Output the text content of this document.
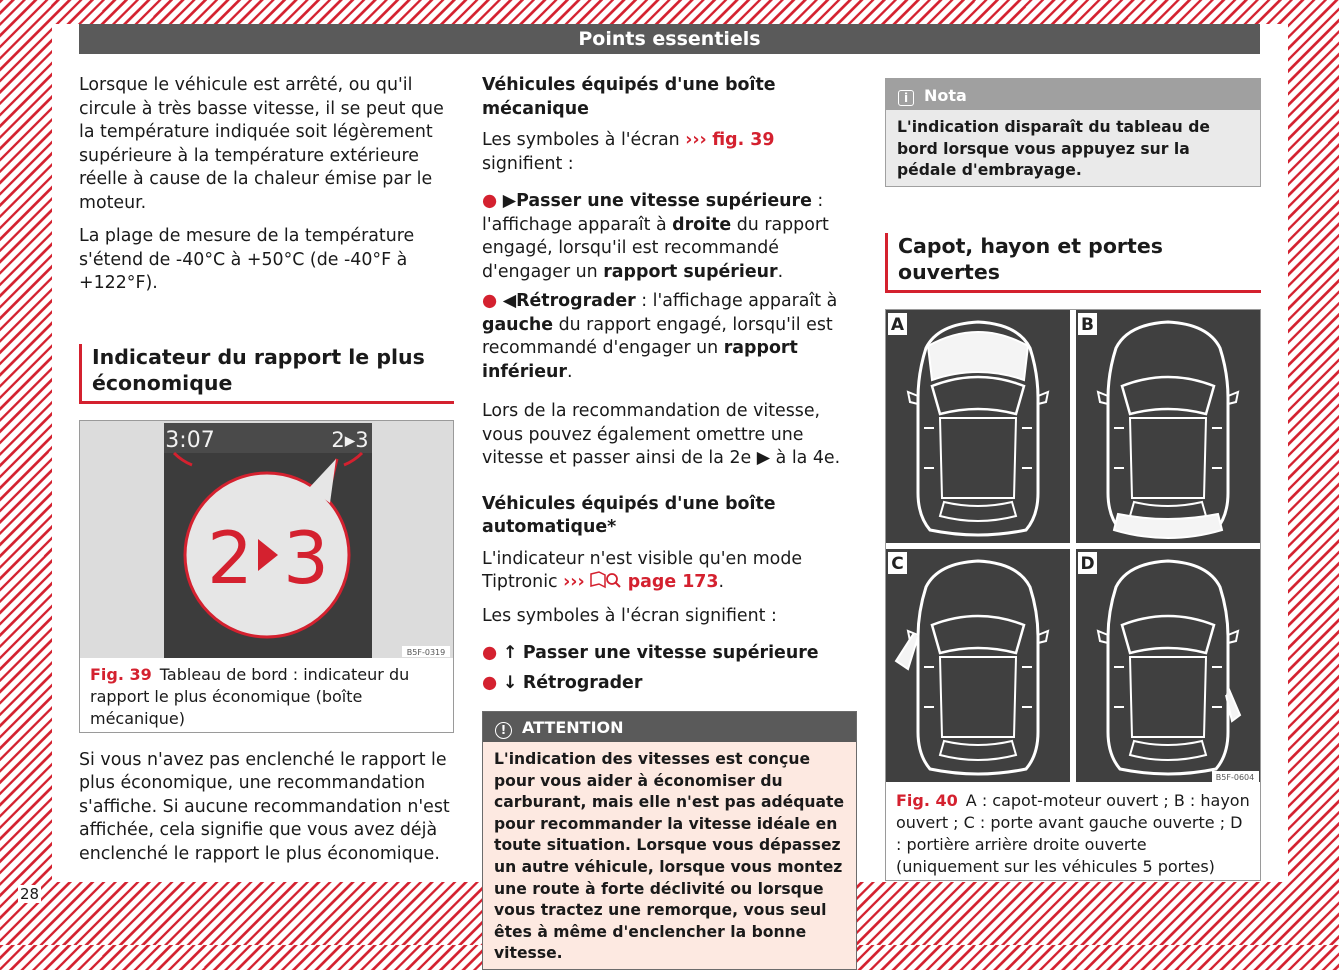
Points essentiels

Lorsque le véhicule est arrêté, ou qu'il circule à très basse vitesse, il se peut que la température indiquée soit légèrement supérieure à la température extérieure réelle à cause de la chaleur émise par le moteur.

La plage de mesure de la température s'étend de -40°C à +50°C (de -40°F à +122°F).

Indicateur du rapport le plus économique
3:07	2▸3
2 3
B5F-0319
Fig. 39 Tableau de bord : indicateur du rapport le plus économique (boîte mécanique)

Si vous n'avez pas enclenché le rapport le plus économique, une recommandation s'affiche. Si aucune recommandation n'est affichée, cela signifie que vous avez déjà enclenché le rapport le plus économique.

Véhicules équipés d'une boîte mécanique

Les symboles à l'écran ››› fig. 39 signifient :

● ▶Passer une vitesse supérieure : l'affichage apparaît à droite du rapport engagé, lorsqu'il est recommandé d'engager un rapport supérieur.

● ◀Rétrograder : l'affichage apparaît à gauche du rapport engagé, lorsqu'il est recommandé d'engager un rapport inférieur.

Lors de la recommandation de vitesse, vous pouvez également omettre une vitesse et passer ainsi de la 2e ▶ à la 4e.

Véhicules équipés d'une boîte automatique*

L'indicateur n'est visible qu'en mode Tiptronic ››› page 173.

Les symboles à l'écran signifient :

● ↑ Passer une vitesse supérieure

● ↓ Rétrograder

! ATTENTION
L'indication des vitesses est conçue pour vous aider à économiser du carburant, mais elle n'est pas adéquate pour recommander la vitesse idéale en toute situation. Lorsque vous dépassez un autre véhicule, lorsque vous montez une route à forte déclivité ou lorsque vous tractez une remorque, vous seul êtes à même d'enclencher la bonne vitesse.
i Nota
L'indication disparaît du tableau de bord lorsque vous appuyez sur la pédale d'embrayage.
Capot, hayon et portes ouvertes
A	B
C	D
B5F-0604
Fig. 40 A : capot-moteur ouvert ; B : hayon ouvert ; C : porte avant gauche ouverte ; D : portière arrière droite ouverte (uniquement sur les véhicules 5 portes)
28
